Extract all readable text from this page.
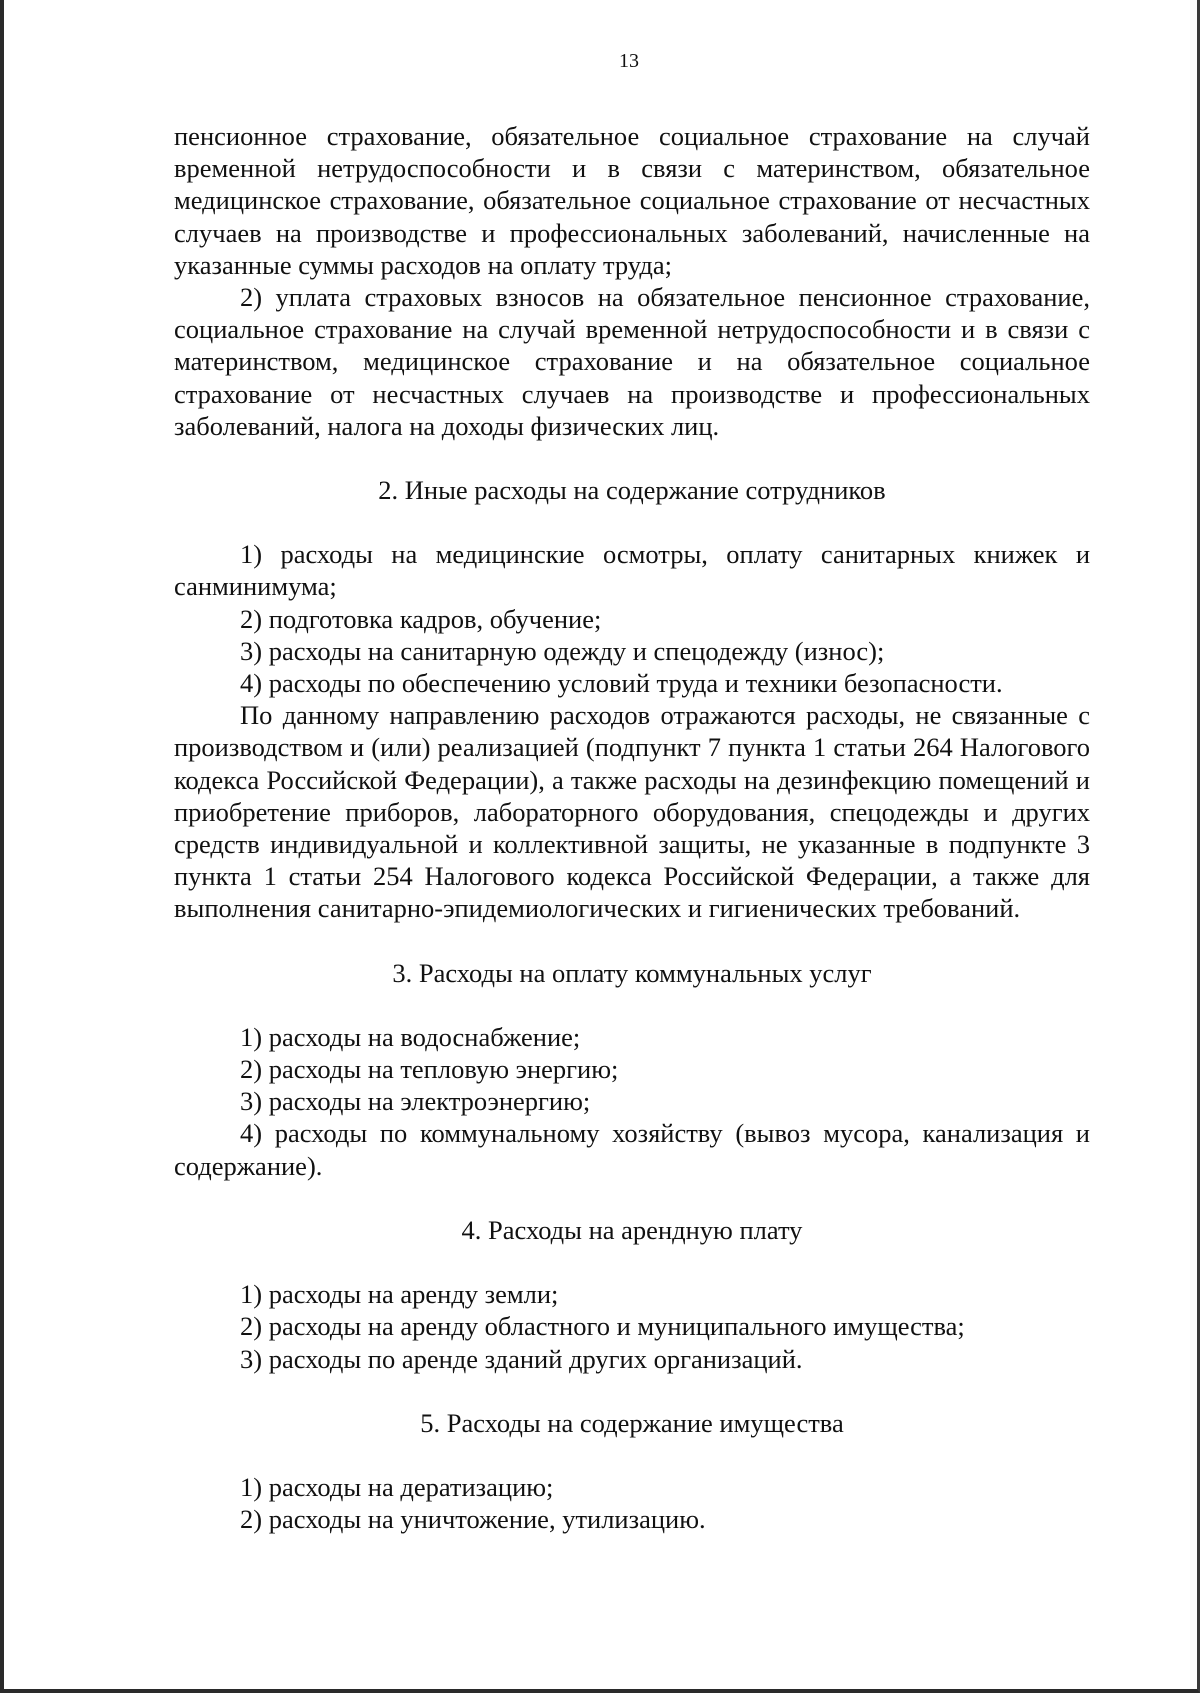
13

пенсионное страхование, обязательное социальное страхование на случай временной нетрудоспособности и в связи с материнством, обязательное медицинское страхование, обязательное социальное страхование от несчастных случаев на производстве и профессиональных заболеваний, начисленные на указанные суммы расходов на оплату труда;

2) уплата страховых взносов на обязательное пенсионное страхование, социальное страхование на случай временной нетрудоспособности и в связи с материнством, медицинское страхование и на обязательное социальное страхование от несчастных случаев на производстве и профессиональных заболеваний, налога на доходы физических лиц.

2. Иные расходы на содержание сотрудников

1) расходы на медицинские осмотры, оплату санитарных книжек и санминимума;

2) подготовка кадров, обучение;

3) расходы на санитарную одежду и спецодежду (износ);

4) расходы по обеспечению условий труда и техники безопасности.

По данному направлению расходов отражаются расходы, не связанные с производством и (или) реализацией (подпункт 7 пункта 1 статьи 264 Налогового кодекса Российской Федерации), а также расходы на дезинфекцию помещений и приобретение приборов, лабораторного оборудования, спецодежды и других средств индивидуальной и коллективной защиты, не указанные в подпункте 3 пункта 1 статьи 254 Налогового кодекса Российской Федерации, а также для выполнения санитарно-эпидемиологических и гигиенических требований.

3. Расходы на оплату коммунальных услуг

1) расходы на водоснабжение;

2) расходы на тепловую энергию;

3) расходы на электроэнергию;

4) расходы по коммунальному хозяйству (вывоз мусора, канализация и содержание).

4. Расходы на арендную плату

1) расходы на аренду земли;

2) расходы на аренду областного и муниципального имущества;

3) расходы по аренде зданий других организаций.

5. Расходы на содержание имущества

1) расходы на дератизацию;

2) расходы на уничтожение, утилизацию.
